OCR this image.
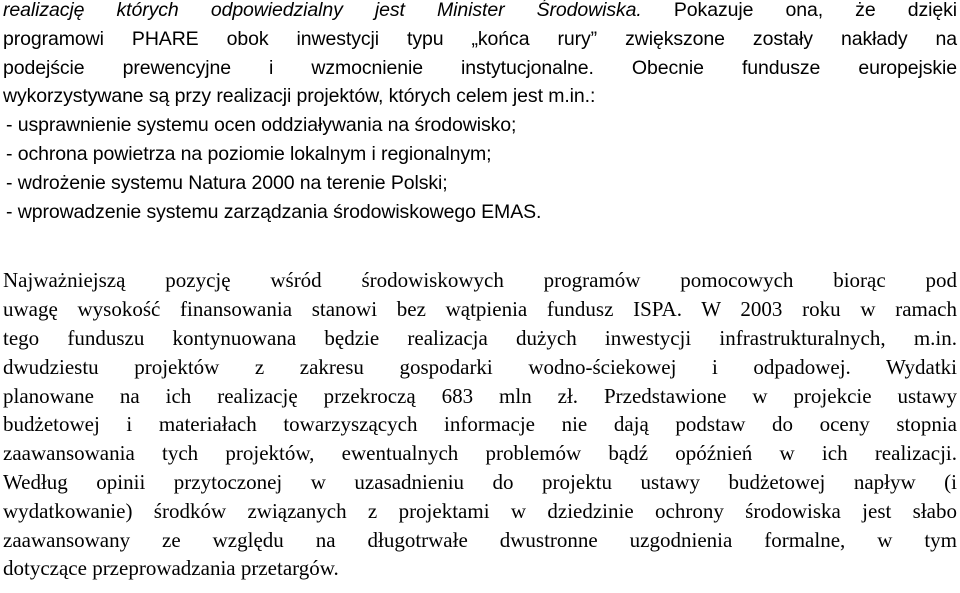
realizację których odpowiedzialny jest Minister Środowiska. Pokazuje ona, że dzięki
programowi PHARE obok inwestycji typu „końca rury” zwiększone zostały nakłady na
podejście prewencyjne i wzmocnienie instytucjonalne. Obecnie fundusze europejskie
wykorzystywane są przy realizacji projektów, których celem jest m.in.:
- usprawnienie systemu ocen oddziaływania na środowisko;
- ochrona powietrza na poziomie lokalnym i regionalnym;
- wdrożenie systemu Natura 2000 na terenie Polski;
- wprowadzenie systemu zarządzania środowiskowego EMAS.
Najważniejszą pozycję wśród środowiskowych programów pomocowych biorąc pod
uwagę wysokość finansowania stanowi bez wątpienia fundusz ISPA. W 2003 roku w ramach
tego funduszu kontynuowana będzie realizacja dużych inwestycji infrastrukturalnych, m.in.
dwudziestu projektów z zakresu gospodarki wodno-ściekowej i odpadowej. Wydatki
planowane na ich realizację przekroczą 683 mln zł. Przedstawione w projekcie ustawy
budżetowej i materiałach towarzyszących informacje nie dają podstaw do oceny stopnia
zaawansowania tych projektów, ewentualnych problemów bądź opóźnień w ich realizacji.
Według opinii przytoczonej w uzasadnieniu do projektu ustawy budżetowej napływ (i
wydatkowanie) środków związanych z projektami w dziedzinie ochrony środowiska jest słabo
zaawansowany ze względu na długotrwałe dwustronne uzgodnienia formalne, w tym
dotyczące przeprowadzania przetargów.
